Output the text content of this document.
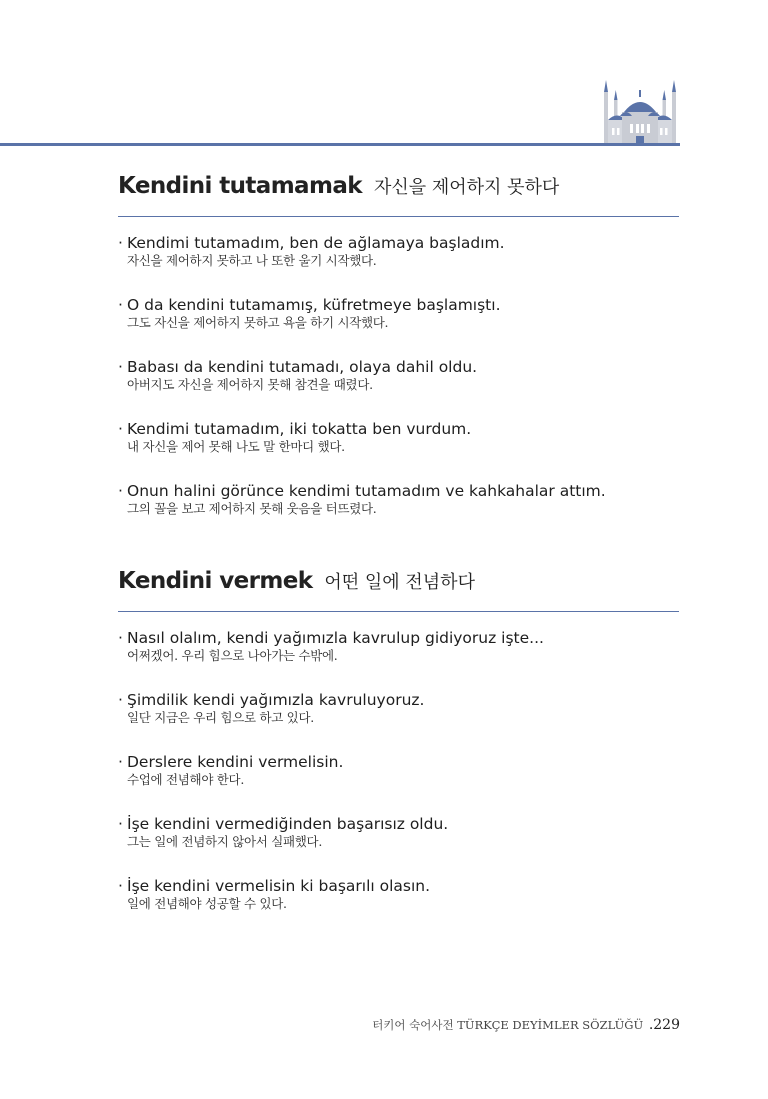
Kendini tutamamak 자신을 제어하지 못하다
· Kendimi tutamadım, ben de ağlamaya başladım.
자신을 제어하지 못하고 나 또한 울기 시작했다.
· O da kendini tutamamış, küfretmeye başlamıştı.
그도 자신을 제어하지 못하고 욕을 하기 시작했다.
· Babası da kendini tutamadı, olaya dahil oldu.
아버지도 자신을 제어하지 못해 참견을 때렸다.
· Kendimi tutamadım, iki tokatta ben vurdum.
내 자신을 제어 못해 나도 말 한마디 했다.
· Onun halini görünce kendimi tutamadım ve kahkahalar attım.
그의 꼴을 보고 제어하지 못해 웃음을 터뜨렸다.
Kendini vermek 어떤 일에 전념하다
· Nasıl olalım, kendi yağımızla kavrulup gidiyoruz işte...
어쩌겠어. 우리 힘으로 나아가는 수밖에.
· Şimdilik kendi yağımızla kavruluyoruz.
일단 지금은 우리 힘으로 하고 있다.
· Derslere kendini vermelisin.
수업에 전념해야 한다.
· İşe kendini vermediğinden başarısız oldu.
그는 일에 전념하지 않아서 실패했다.
· İşe kendini vermelisin ki başarılı olasın.
일에 전념해야 성공할 수 있다.
터키어 숙어사전 TÜRKÇE DEYİMLER SÖZLÜĞÜ .229
